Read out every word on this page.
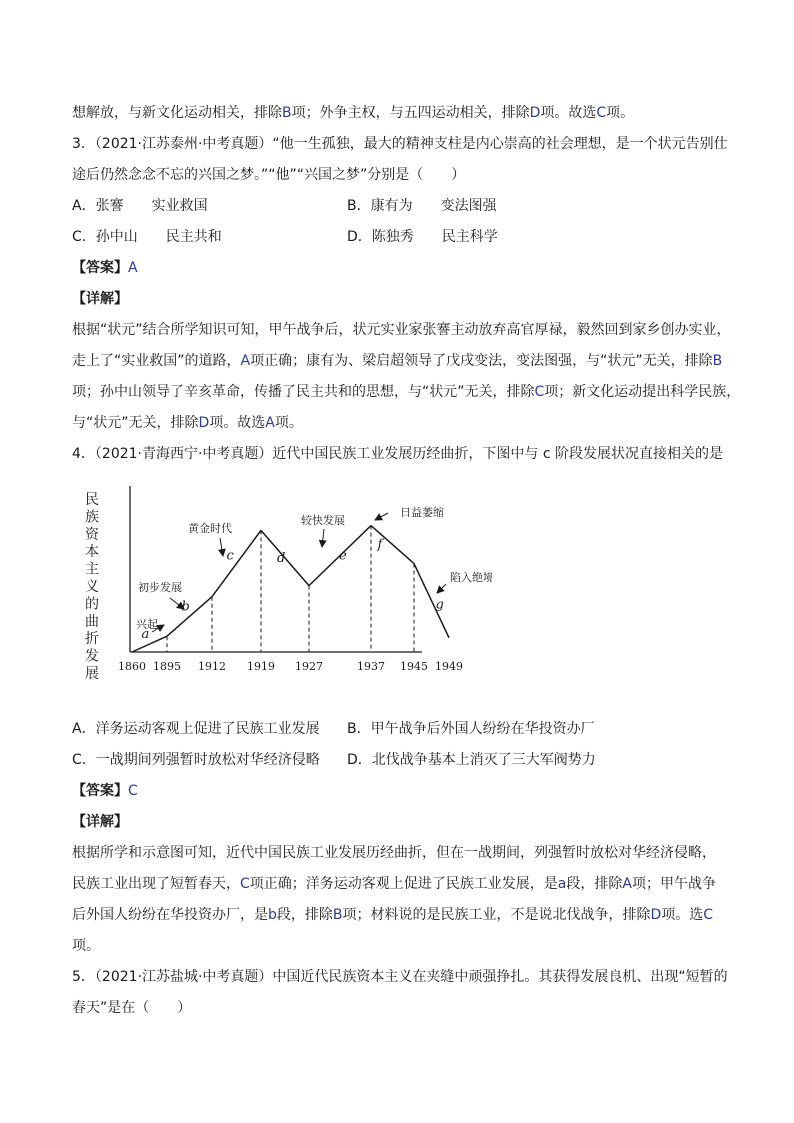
想解放，与新文化运动相关，排除B项；外争主权，与五四运动相关，排除D项。故选C项。
3．（2021·江苏泰州·中考真题）“他一生孤独，最大的精神支柱是内心崇高的社会理想，是一个状元告别仕
途后仍然念念不忘的兴国之梦。”“他”“兴国之梦”分别是（　　）
A．张謇　　实业救国	B．康有为　　变法图强
C．孙中山　　民主共和	D．陈独秀　　民主科学
【答案】A
【详解】
根据“状元”结合所学知识可知，甲午战争后，状元实业家张謇主动放弃高官厚禄，毅然回到家乡创办实业，
走上了“实业救国”的道路，A项正确；康有为、梁启超领导了戊戌变法，变法图强，与“状元”无关，排除B
项；孙中山领导了辛亥革命，传播了民主共和的思想，与“状元”无关，排除C项；新文化运动提出科学民族，
与“状元”无关，排除D项。故选A项。
4．（2021·青海西宁·中考真题）近代中国民族工业发展历经曲折，下图中与 c 阶段发展状况直接相关的是
民
族
资
本
主
义
的
曲
折
发
展
a
b
c	d	e
f
g
兴起
初步发展
黄金时代
较快发展
日益萎缩
陷入绝境
1860 1895 1912 1919 1927	1937 1945 1949
A．洋务运动客观上促进了民族工业发展	B．甲午战争后外国人纷纷在华投资办厂
C．一战期间列强暂时放松对华经济侵略	D．北伐战争基本上消灭了三大军阀势力
【答案】C
【详解】
根据所学和示意图可知，近代中国民族工业发展历经曲折，但在一战期间，列强暂时放松对华经济侵略，
民族工业出现了短暂春天，C项正确；洋务运动客观上促进了民族工业发展，是a段，排除A项；甲午战争
后外国人纷纷在华投资办厂，是b段，排除B项；材料说的是民族工业，不是说北伐战争，排除D项。选C
项。
5．（2021·江苏盐城·中考真题）中国近代民族资本主义在夹缝中顽强挣扎。其获得发展良机、出现“短暂的
春天”是在（　　）
